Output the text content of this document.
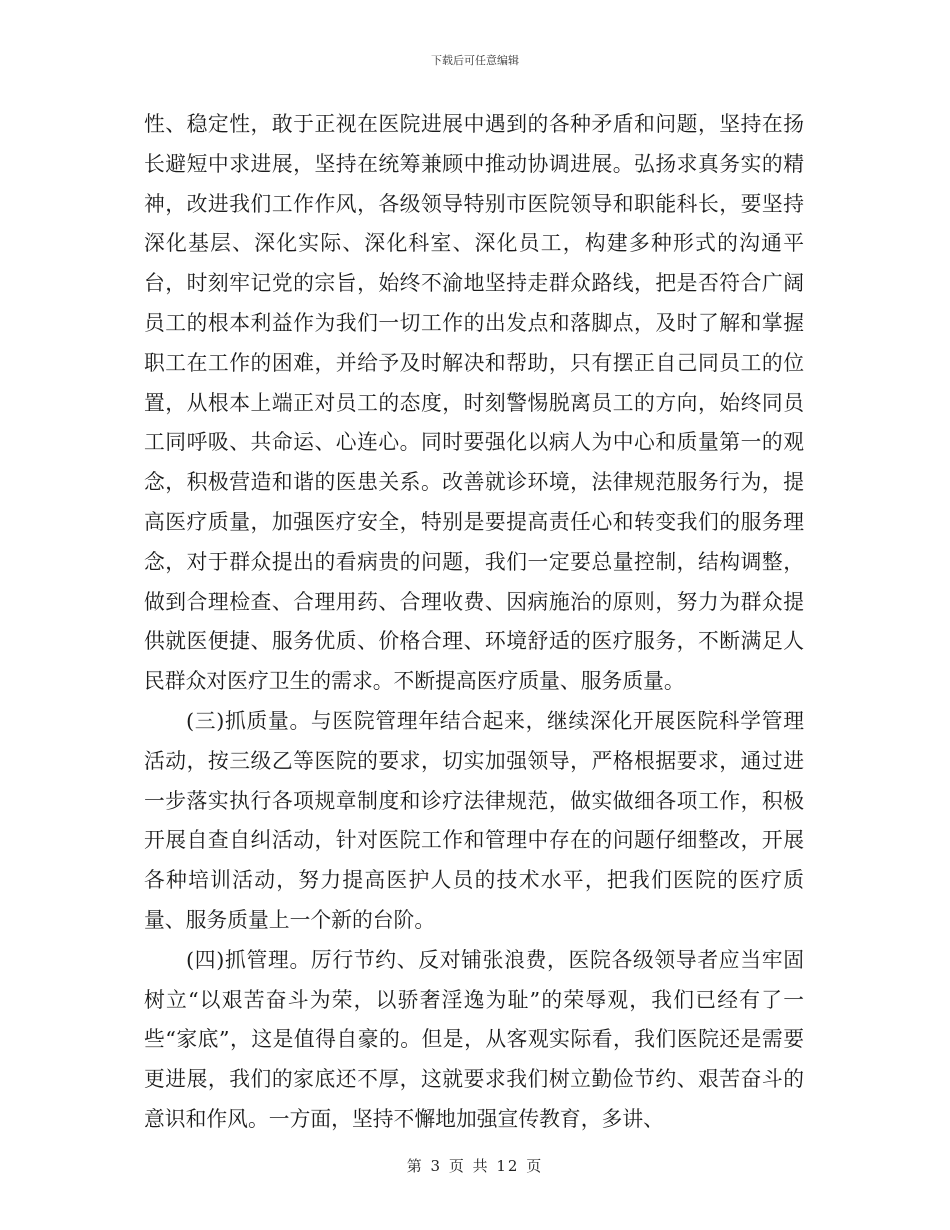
下载后可任意编辑

性、稳定性，敢于正视在医院进展中遇到的各种矛盾和问题，坚持在扬长避短中求进展，坚持在统筹兼顾中推动协调进展。弘扬求真务实的精神，改进我们工作作风，各级领导特别市医院领导和职能科长，要坚持深化基层、深化实际、深化科室、深化员工，构建多种形式的沟通平台，时刻牢记党的宗旨，始终不渝地坚持走群众路线，把是否符合广阔员工的根本利益作为我们一切工作的出发点和落脚点，及时了解和掌握职工在工作的困难，并给予及时解决和帮助，只有摆正自己同员工的位置，从根本上端正对员工的态度，时刻警惕脱离员工的方向，始终同员工同呼吸、共命运、心连心。同时要强化以病人为中心和质量第一的观念，积极营造和谐的医患关系。改善就诊环境，法律规范服务行为，提高医疗质量，加强医疗安全，特别是要提高责任心和转变我们的服务理念，对于群众提出的看病贵的问题，我们一定要总量控制，结构调整，做到合理检查、合理用药、合理收费、因病施治的原则，努力为群众提供就医便捷、服务优质、价格合理、环境舒适的医疗服务，不断满足人民群众对医疗卫生的需求。不断提高医疗质量、服务质量。

(三)抓质量。与医院管理年结合起来，继续深化开展医院科学管理活动，按三级乙等医院的要求，切实加强领导，严格根据要求，通过进一步落实执行各项规章制度和诊疗法律规范，做实做细各项工作，积极开展自查自纠活动，针对医院工作和管理中存在的问题仔细整改，开展各种培训活动，努力提高医护人员的技术水平，把我们医院的医疗质量、服务质量上一个新的台阶。

(四)抓管理。厉行节约、反对铺张浪费，医院各级领导者应当牢固树立“以艰苦奋斗为荣，以骄奢淫逸为耻”的荣辱观，我们已经有了一些“家底”，这是值得自豪的。但是，从客观实际看，我们医院还是需要更进展，我们的家底还不厚，这就要求我们树立勤俭节约、艰苦奋斗的意识和作风。一方面，坚持不懈地加强宣传教育，多讲、

第 3 页 共 12 页
